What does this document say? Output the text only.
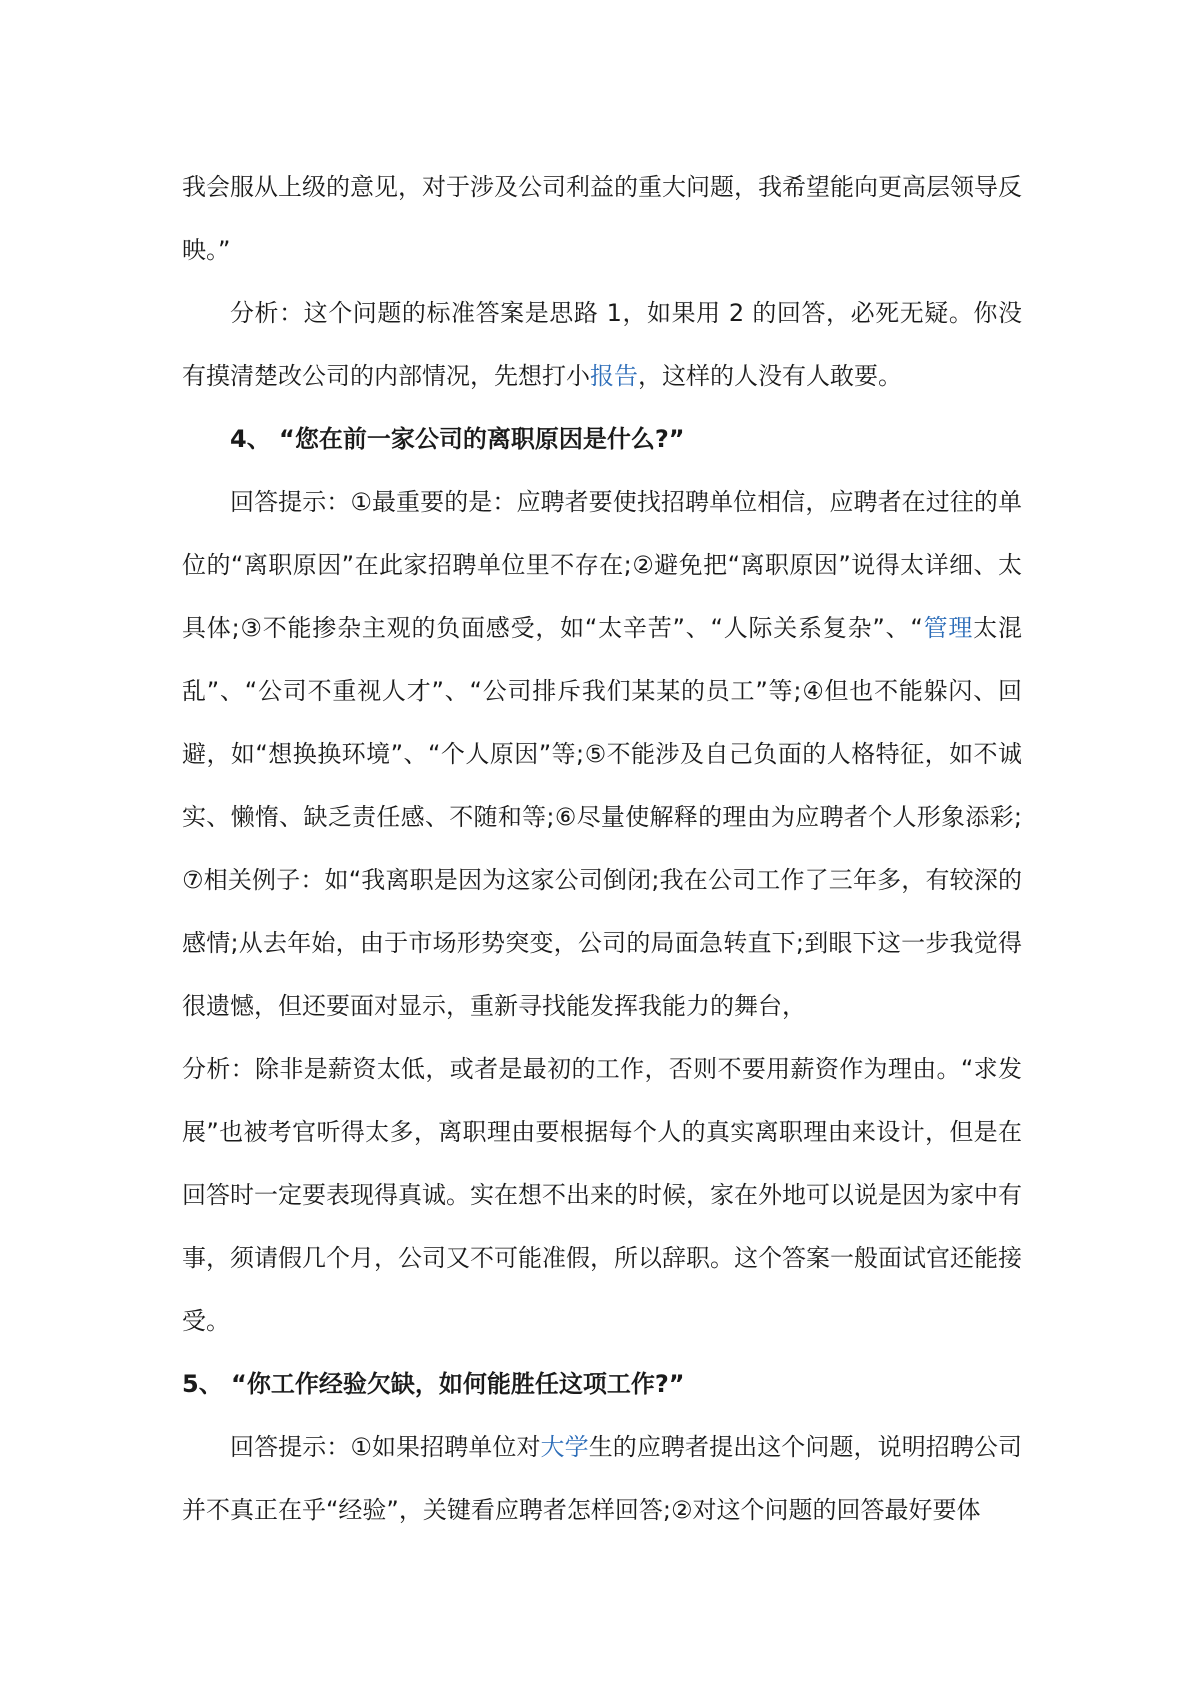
我会服从上级的意见，对于涉及公司利益的重大问题，我希望能向更高层领导反映。”

分析：这个问题的标准答案是思路 1，如果用 2 的回答，必死无疑。你没有摸清楚改公司的内部情况，先想打小报告，这样的人没有人敢要。

4、 “您在前一家公司的离职原因是什么?”

回答提示：①最重要的是：应聘者要使找招聘单位相信，应聘者在过往的单位的“离职原因”在此家招聘单位里不存在;②避免把“离职原因”说得太详细、太具体;③不能掺杂主观的负面感受，如“太辛苦”、“人际关系复杂”、“管理太混乱”、“公司不重视人才”、“公司排斥我们某某的员工”等;④但也不能躲闪、回避，如“想换换环境”、“个人原因”等;⑤不能涉及自己负面的人格特征，如不诚实、懒惰、缺乏责任感、不随和等;⑥尽量使解释的理由为应聘者个人形象添彩;⑦相关例子：如“我离职是因为这家公司倒闭;我在公司工作了三年多，有较深的感情;从去年始，由于市场形势突变，公司的局面急转直下;到眼下这一步我觉得很遗憾，但还要面对显示，重新寻找能发挥我能力的舞台，

分析：除非是薪资太低，或者是最初的工作，否则不要用薪资作为理由。“求发展”也被考官听得太多，离职理由要根据每个人的真实离职理由来设计，但是在回答时一定要表现得真诚。实在想不出来的时候，家在外地可以说是因为家中有事，须请假几个月，公司又不可能准假，所以辞职。这个答案一般面试官还能接受。

5、 “你工作经验欠缺，如何能胜任这项工作?”

回答提示：①如果招聘单位对大学生的应聘者提出这个问题，说明招聘公司并不真正在乎“经验”，关键看应聘者怎样回答;②对这个问题的回答最好要体
